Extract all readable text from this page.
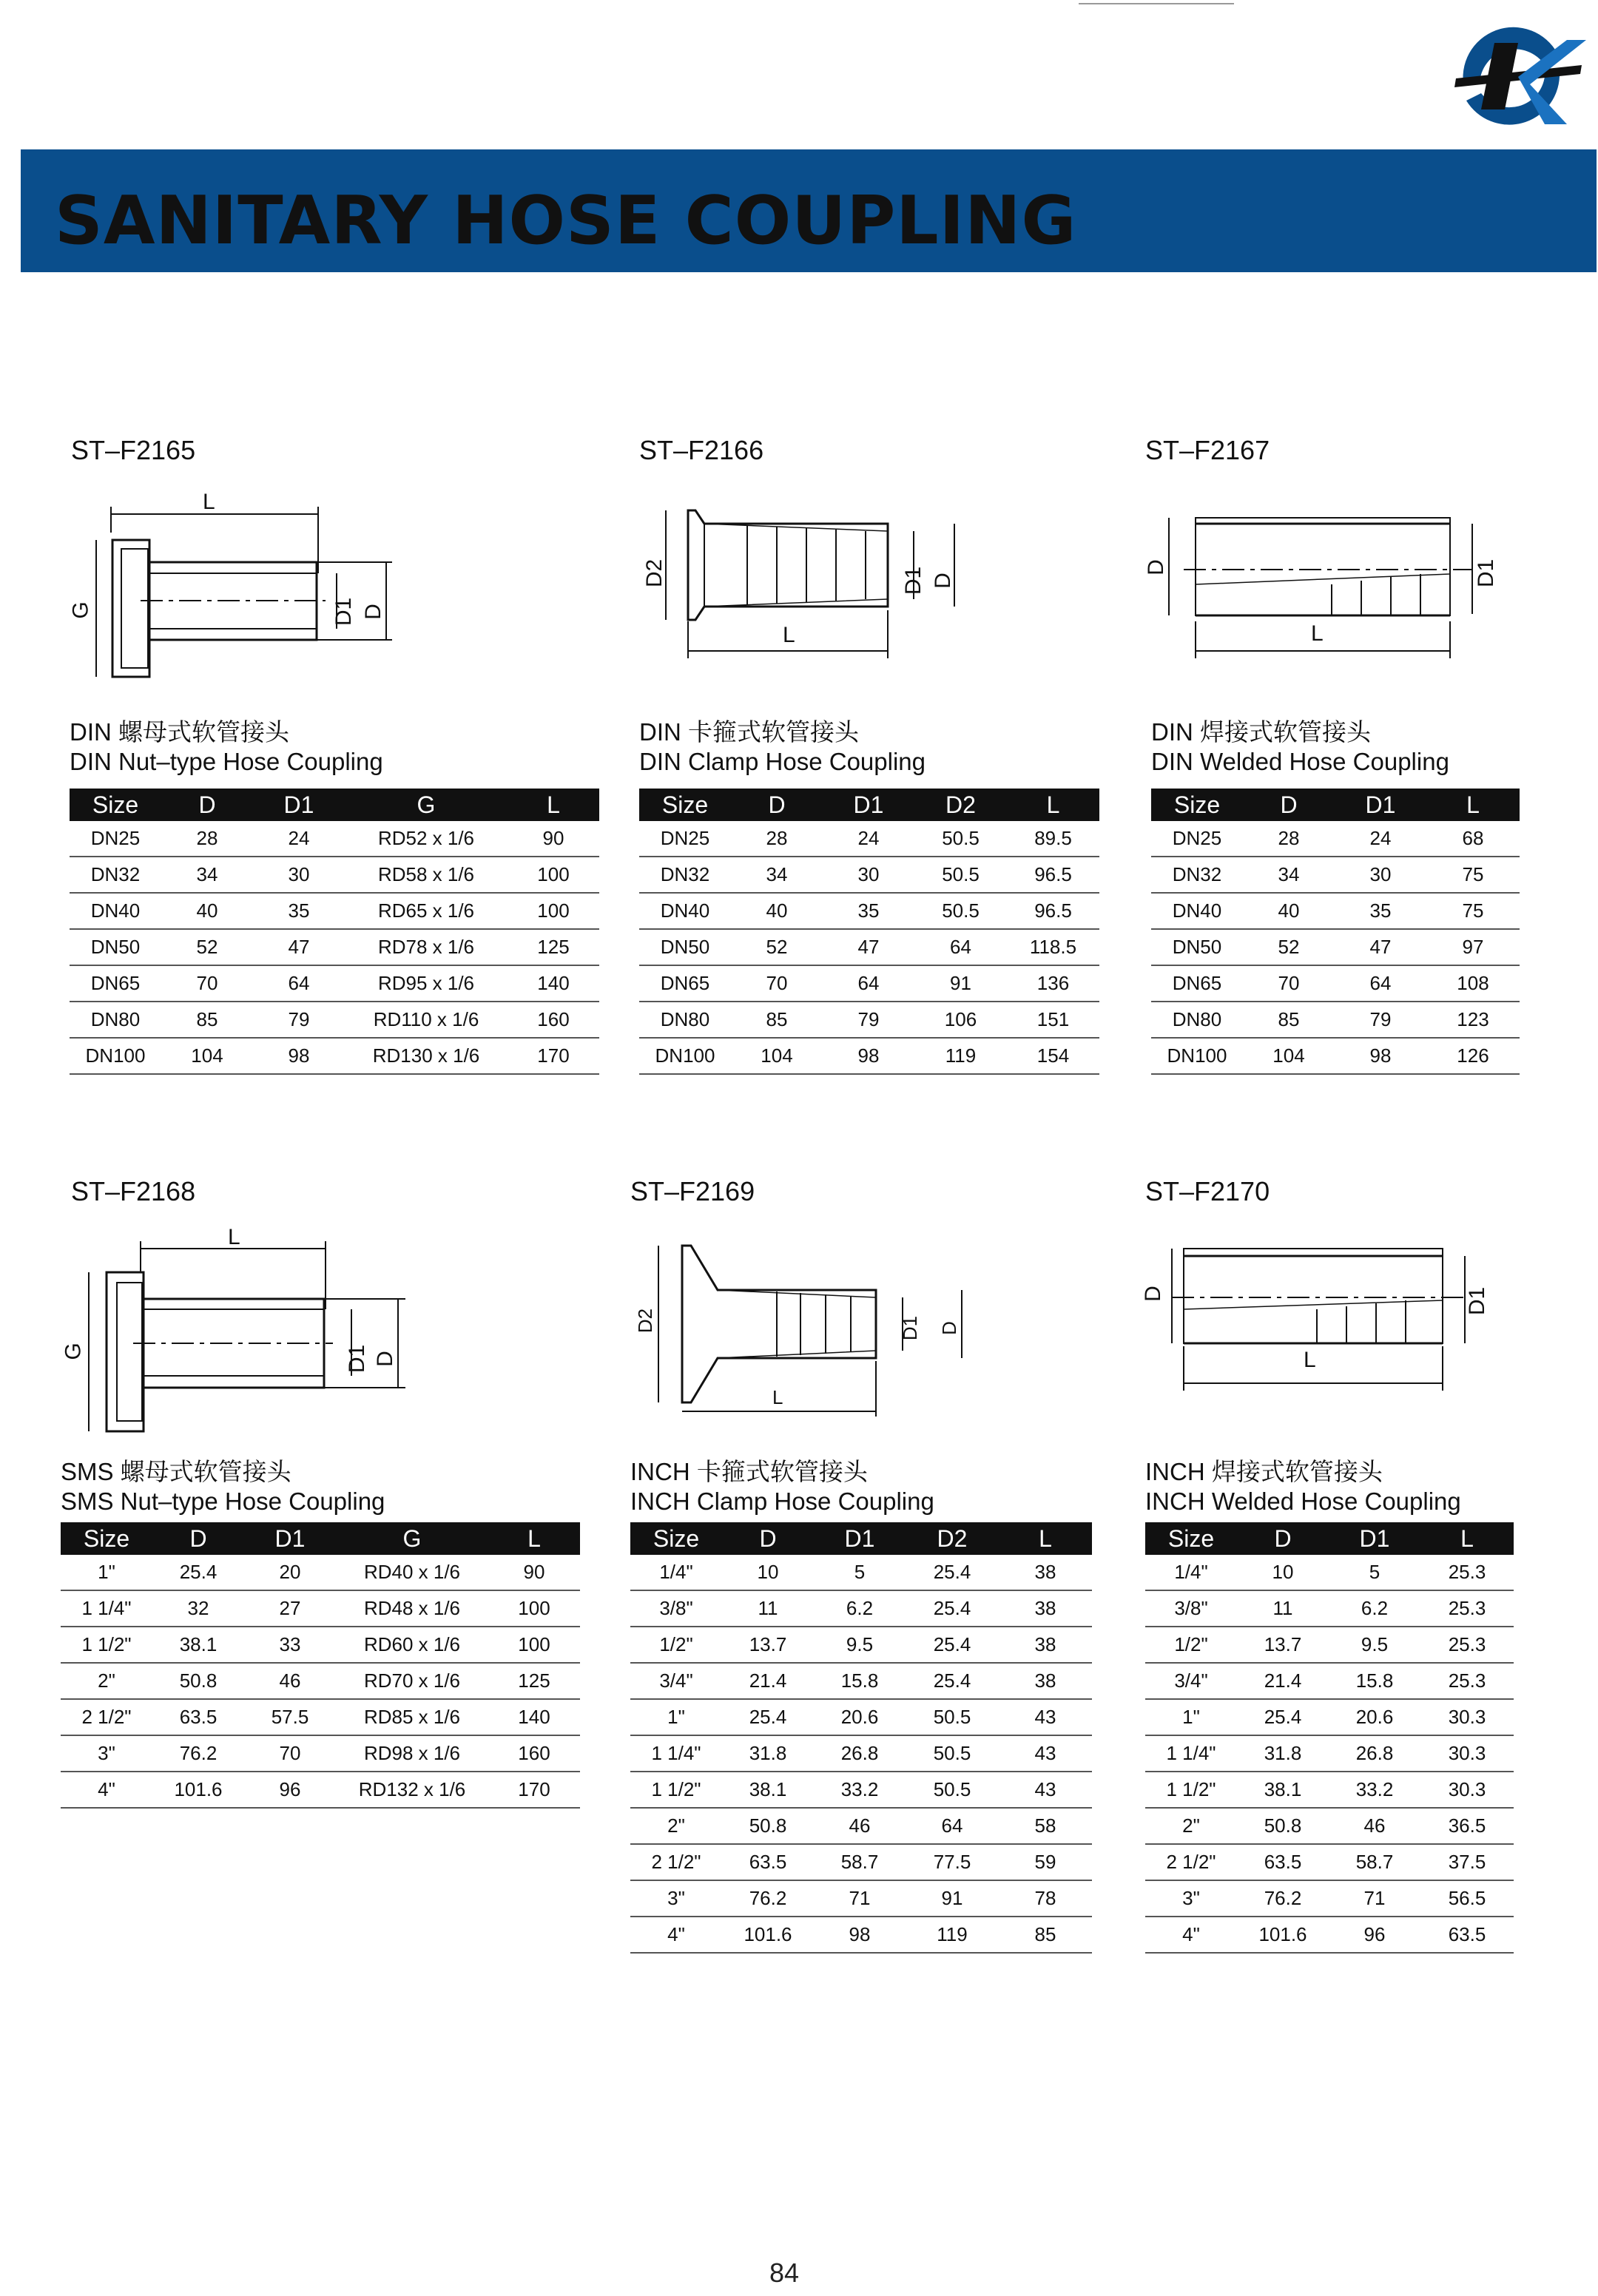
SANITARY HOSE COUPLING
ST–F2165
L
G	D1 D
DIN 螺母式软管接头
DIN Nut–type Hose Coupling
Size	D	D1	G	L
DN25	28	24	RD52 x 1/6	90
DN32	34	30	RD58 x 1/6	100
DN40	40	35	RD65 x 1/6	100
DN50	52	47	RD78 x 1/6	125
DN65	70	64	RD95 x 1/6	140
DN80	85	79	RD110 x 1/6	160
DN100	104	98	RD130 x 1/6	170
ST–F2166
D2	D1 D
L
DIN 卡箍式软管接头
DIN Clamp Hose Coupling
Size	D	D1	D2	L
DN25	28	24	50.5	89.5
DN32	34	30	50.5	96.5
DN40	40	35	50.5	96.5
DN50	52	47	64	118.5
DN65	70	64	91	136
DN80	85	79	106	151
DN100	104	98	119	154
ST–F2167
D	D1
L
DIN 焊接式软管接头
DIN Welded Hose Coupling
Size	D	D1	L
DN25	28	24	68
DN32	34	30	75
DN40	40	35	75
DN50	52	47	97
DN65	70	64	108
DN80	85	79	123
DN100	104	98	126
ST–F2168
L
G	D1 D
SMS 螺母式软管接头
SMS Nut–type Hose Coupling
Size	D	D1	G	L
1"	25.4	20	RD40 x 1/6	90
1 1/4"	32	27	RD48 x 1/6	100
1 1/2"	38.1	33	RD60 x 1/6	100
2"	50.8	46	RD70 x 1/6	125
2 1/2"	63.5	57.5	RD85 x 1/6	140
3"	76.2	70	RD98 x 1/6	160
4"	101.6	96	RD132 x 1/6	170
ST–F2169
D2	D1 D
L
INCH 卡箍式软管接头
INCH Clamp Hose Coupling
Size	D	D1	D2	L
1/4"	10	5	25.4	38
3/8"	11	6.2	25.4	38
1/2"	13.7	9.5	25.4	38
3/4"	21.4	15.8	25.4	38
1"	25.4	20.6	50.5	43
1 1/4"	31.8	26.8	50.5	43
1 1/2"	38.1	33.2	50.5	43
2"	50.8	46	64	58
2 1/2"	63.5	58.7	77.5	59
3"	76.2	71	91	78
4"	101.6	98	119	85
ST–F2170
D	D1
L
INCH 焊接式软管接头
INCH Welded Hose Coupling
Size	D	D1	L
1/4"	10	5	25.3
3/8"	11	6.2	25.3
1/2"	13.7	9.5	25.3
3/4"	21.4	15.8	25.3
1"	25.4	20.6	30.3
1 1/4"	31.8	26.8	30.3
1 1/2"	38.1	33.2	30.3
2"	50.8	46	36.5
2 1/2"	63.5	58.7	37.5
3"	76.2	71	56.5
4"	101.6	96	63.5
84
